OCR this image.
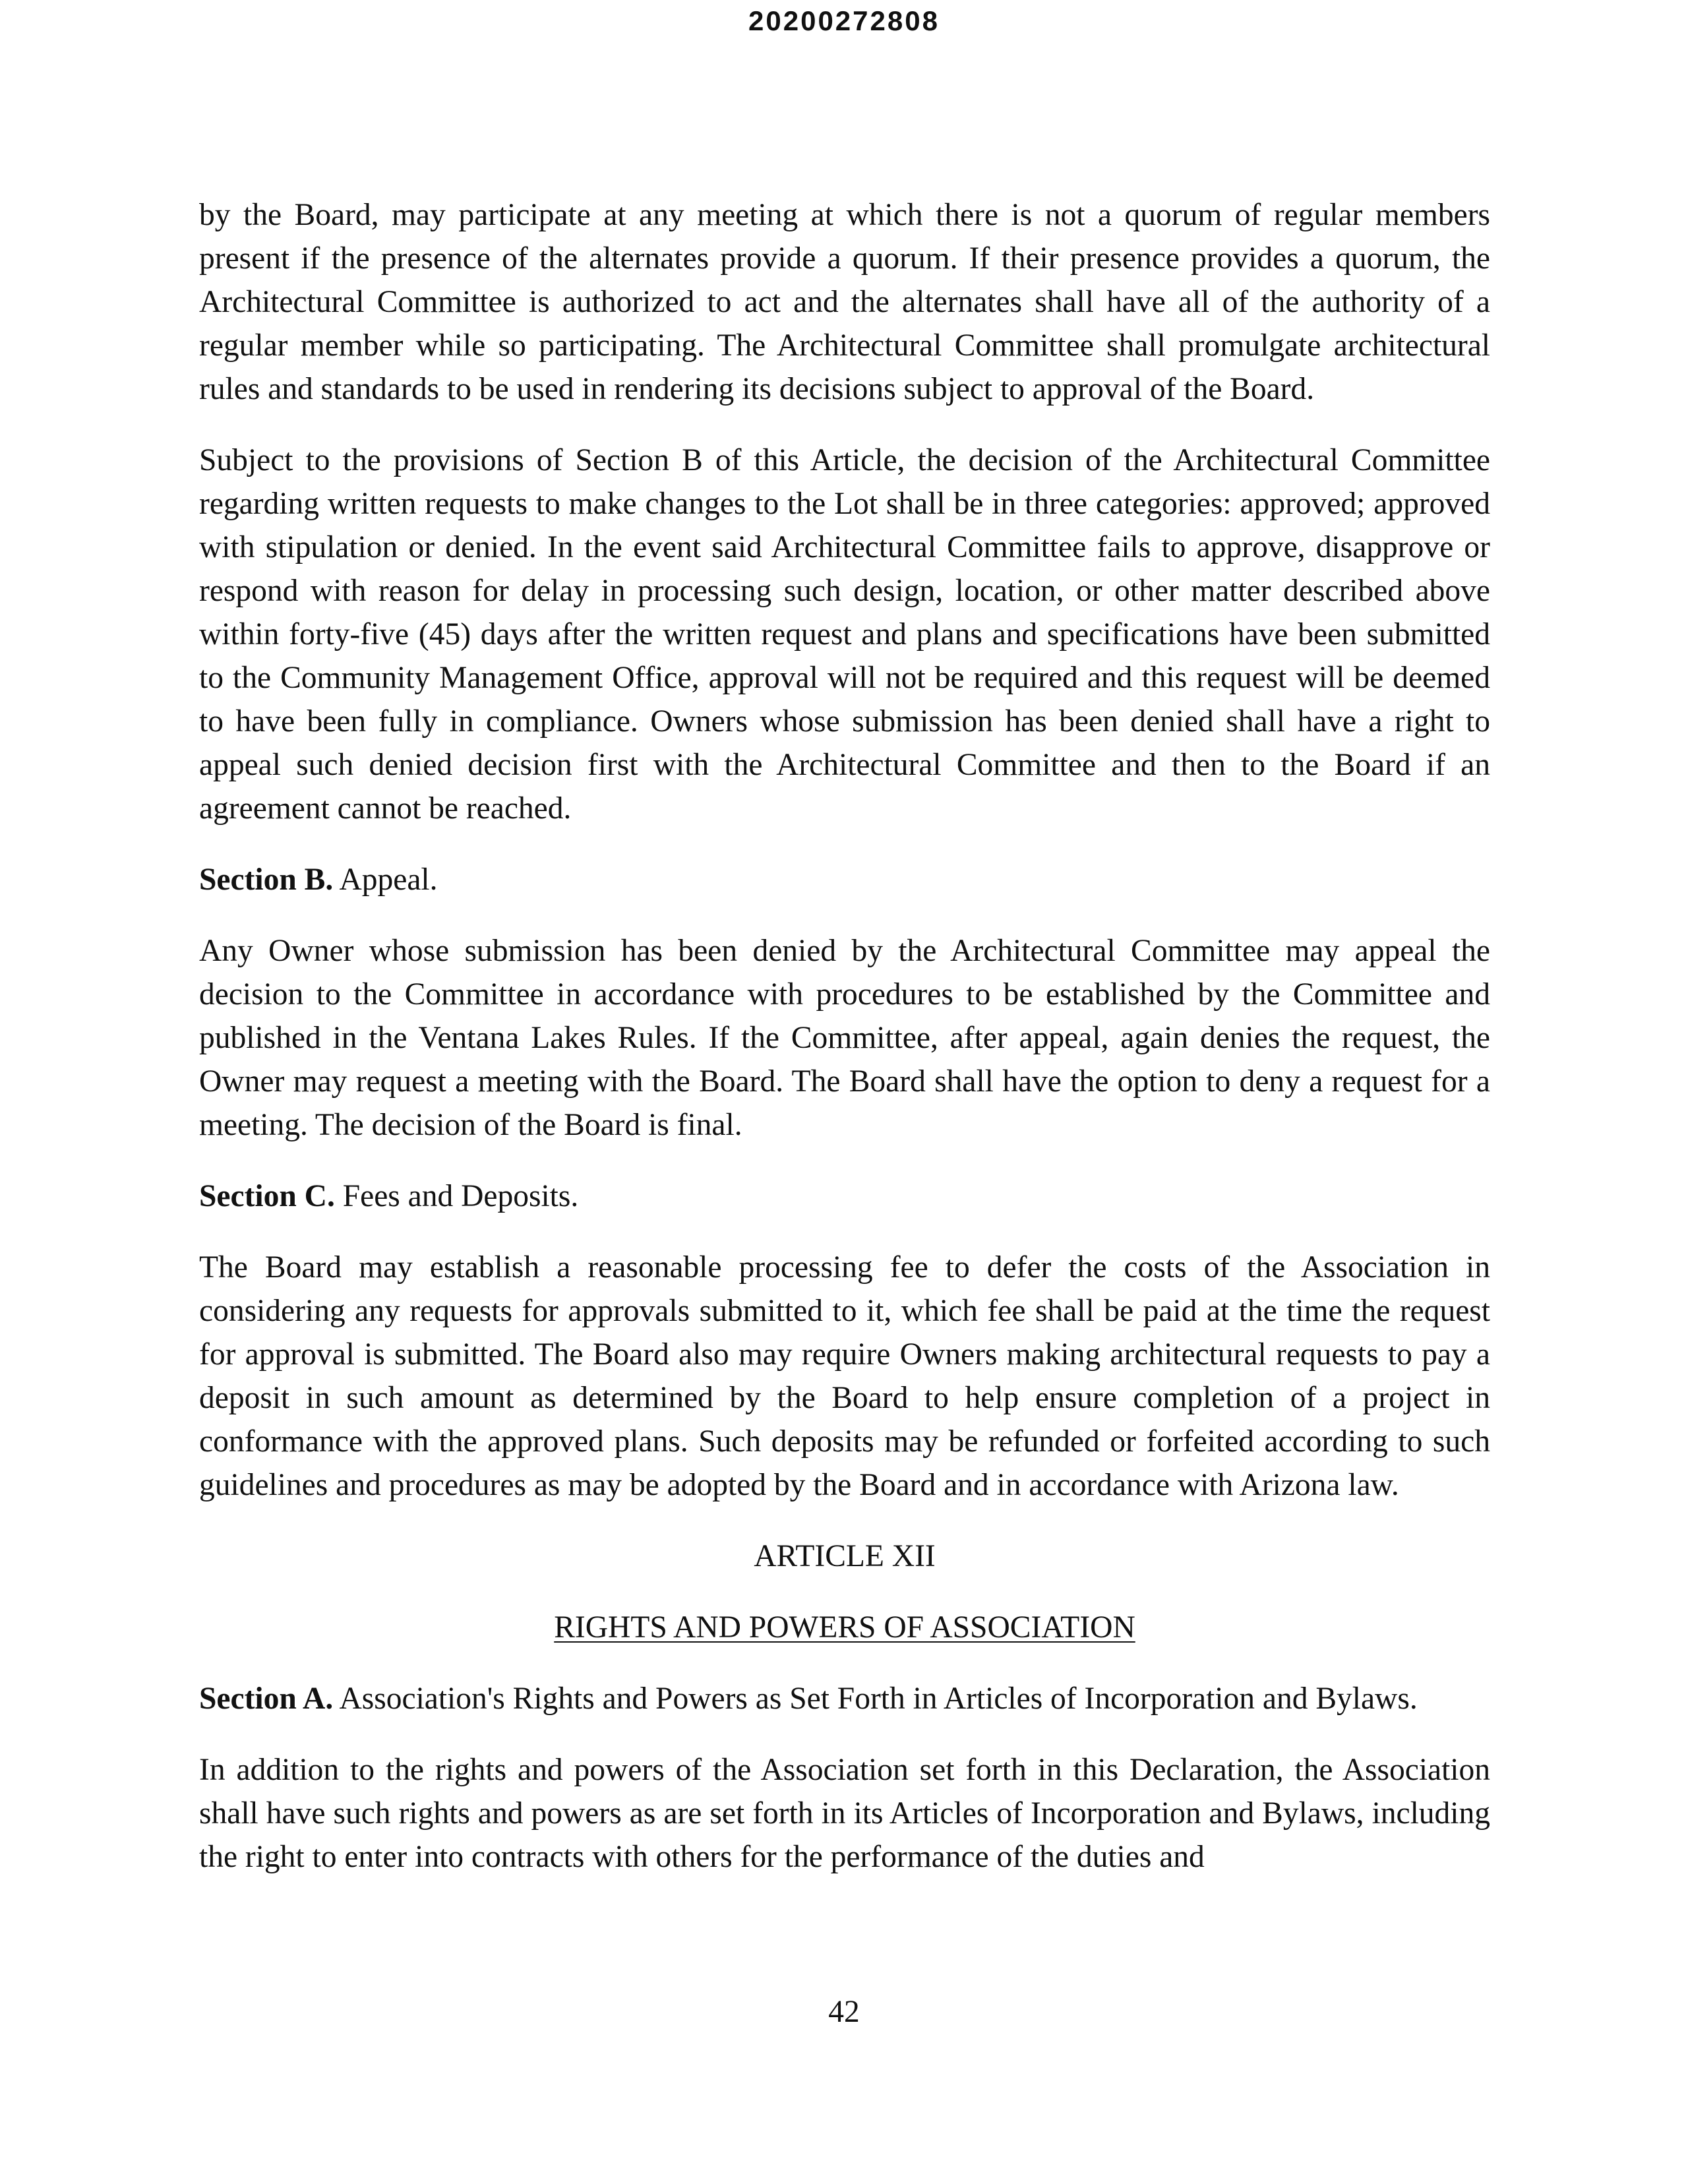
20200272808

by the Board, may participate at any meeting at which there is not a quorum of regular members present if the presence of the alternates provide a quorum. If their presence provides a quorum, the Architectural Committee is authorized to act and the alternates shall have all of the authority of a regular member while so participating. The Architectural Committee shall promulgate architectural rules and standards to be used in rendering its decisions subject to approval of the Board.

Subject to the provisions of Section B of this Article, the decision of the Architectural Committee regarding written requests to make changes to the Lot shall be in three categories: approved; approved with stipulation or denied. In the event said Architectural Committee fails to approve, disapprove or respond with reason for delay in processing such design, location, or other matter described above within forty-five (45) days after the written request and plans and specifications have been submitted to the Community Management Office, approval will not be required and this request will be deemed to have been fully in compliance. Owners whose submission has been denied shall have a right to appeal such denied decision first with the Architectural Committee and then to the Board if an agreement cannot be reached.

Section B. Appeal.

Any Owner whose submission has been denied by the Architectural Committee may appeal the decision to the Committee in accordance with procedures to be established by the Committee and published in the Ventana Lakes Rules. If the Committee, after appeal, again denies the request, the Owner may request a meeting with the Board. The Board shall have the option to deny a request for a meeting. The decision of the Board is final.

Section C. Fees and Deposits.

The Board may establish a reasonable processing fee to defer the costs of the Association in considering any requests for approvals submitted to it, which fee shall be paid at the time the request for approval is submitted. The Board also may require Owners making architectural requests to pay a deposit in such amount as determined by the Board to help ensure completion of a project in conformance with the approved plans. Such deposits may be refunded or forfeited according to such guidelines and procedures as may be adopted by the Board and in accordance with Arizona law.

ARTICLE XII

RIGHTS AND POWERS OF ASSOCIATION

Section A. Association's Rights and Powers as Set Forth in Articles of Incorporation and Bylaws.

In addition to the rights and powers of the Association set forth in this Declaration, the Association shall have such rights and powers as are set forth in its Articles of Incorporation and Bylaws, including the right to enter into contracts with others for the performance of the duties and

42
